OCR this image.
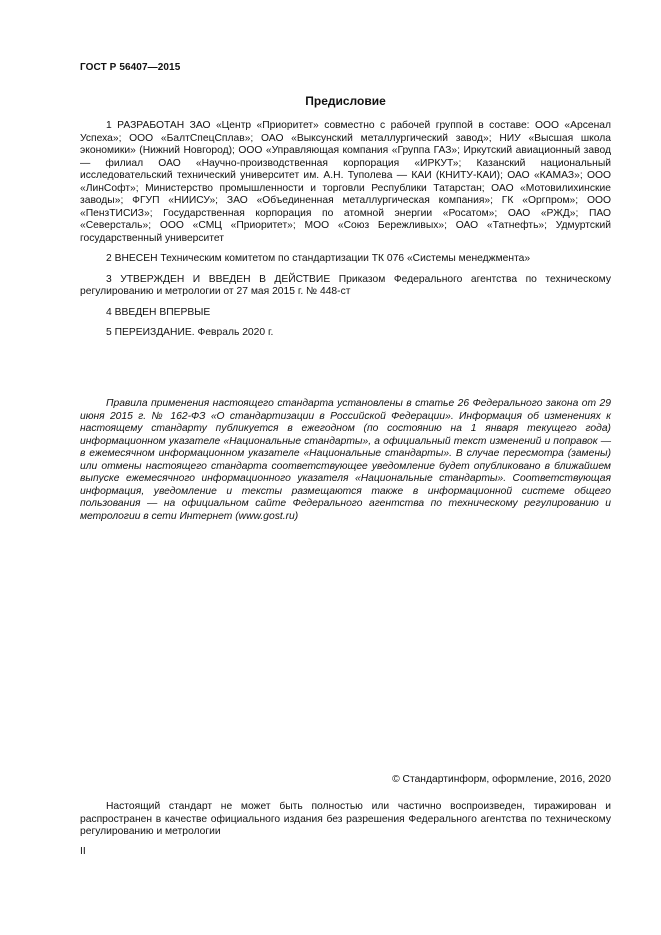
ГОСТ Р 56407—2015
Предисловие

1 РАЗРАБОТАН ЗАО «Центр «Приоритет» совместно с рабочей группой в составе: ООО «Арсенал Успеха»; ООО «БалтСпецСплав»; ОАО «Выксунский металлургический завод»; НИУ «Высшая школа экономики» (Нижний Новгород); ООО «Управляющая компания «Группа ГАЗ»; Иркутский авиационный завод — филиал ОАО «Научно-производственная корпорация «ИРКУТ»; Казанский национальный исследовательский технический университет им. А.Н. Туполева — КАИ (КНИТУ-КАИ); ОАО «КАМАЗ»; ООО «ЛинСофт»; Министерство промышленности и торговли Республики Татарстан; ОАО «Мотовилихинские заводы»; ФГУП «НИИСУ»; ЗАО «Объединенная металлургическая компания»; ГК «Оргпром»; ООО «ПензТИСИЗ»; Государственная корпорация по атомной энергии «Росатом»; ОАО «РЖД»; ПАО «Северсталь»; ООО «СМЦ «Приоритет»; МОО «Союз Бережливых»; ОАО «Татнефть»; Удмуртский государственный университет

2 ВНЕСЕН Техническим комитетом по стандартизации ТК 076 «Системы менеджмента»

3 УТВЕРЖДЕН И ВВЕДЕН В ДЕЙСТВИЕ Приказом Федерального агентства по техническому регулированию и метрологии от 27 мая 2015 г. № 448-ст

4 ВВЕДЕН ВПЕРВЫЕ

5 ПЕРЕИЗДАНИЕ. Февраль 2020 г.

Правила применения настоящего стандарта установлены в статье 26 Федерального закона от 29 июня 2015 г. № 162-ФЗ «О стандартизации в Российской Федерации». Информация об изменениях к настоящему стандарту публикуется в ежегодном (по состоянию на 1 января текущего года) информационном указателе «Национальные стандарты», а официальный текст изменений и поправок — в ежемесячном информационном указателе «Национальные стандарты». В случае пересмотра (замены) или отмены настоящего стандарта соответствующее уведомление будет опубликовано в ближайшем выпуске ежемесячного информационного указателя «Национальные стандарты». Соответствующая информация, уведомление и тексты размещаются также в информационной системе общего пользования — на официальном сайте Федерального агентства по техническому регулированию и метрологии в сети Интернет (www.gost.ru)

© Стандартинформ, оформление, 2016, 2020

Настоящий стандарт не может быть полностью или частично воспроизведен, тиражирован и распространен в качестве официального издания без разрешения Федерального агентства по техническому регулированию и метрологии

II
